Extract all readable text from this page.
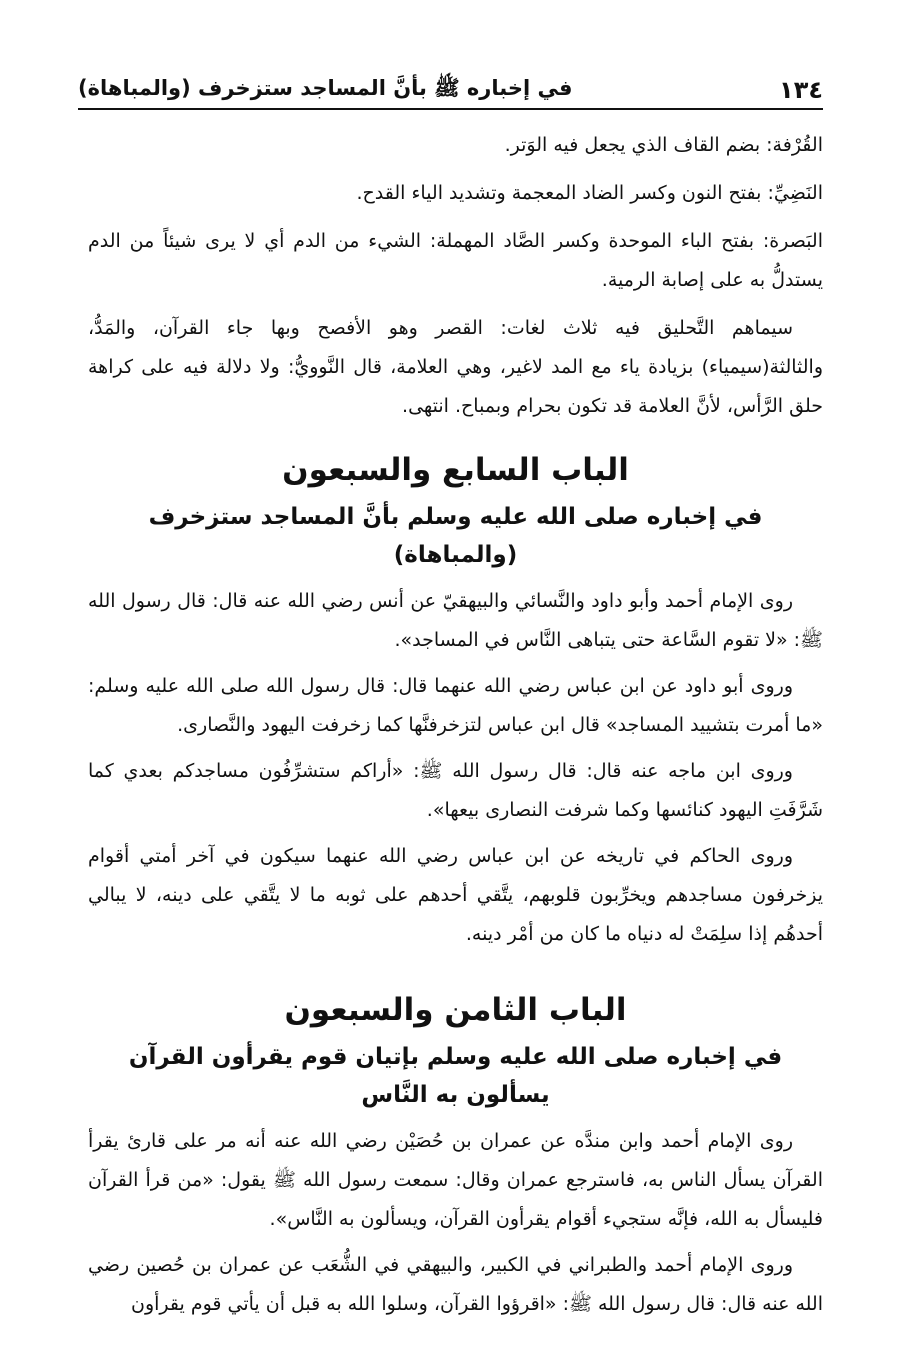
١٣٤
في إخباره ﷺ بأنَّ المساجد ستزخرف (والمباهاة)

القُرْفة: بضم القاف الذي يجعل فيه الوَتر.

النَضِيِّ: بفتح النون وكسر الضاد المعجمة وتشديد الياء القدح.

البَصرة: بفتح الباء الموحدة وكسر الصَّاد المهملة: الشيء من الدم أي لا يرى شيئاً من الدم يستدلُّ به على إصابة الرمية.

سيماهم التَّحليق فيه ثلاث لغات: القصر وهو الأفصح وبها جاء القرآن، والمَدُّ، والثالثة(سيمياء) بزيادة ياء مع المد لاغير، وهي العلامة، قال النَّوويُّ: ولا دلالة فيه على كراهة حلق الرَّأس، لأنَّ العلامة قد تكون بحرام وبمباح. انتهى.

الباب السابع والسبعون
في إخباره صلى الله عليه وسلم بأنَّ المساجد ستزخرف (والمباهاة)

روى الإمام أحمد وأبو داود والنَّسائي والبيهقيّ عن أنس رضي الله عنه قال: قال رسول الله ﷺ: «لا تقوم السَّاعة حتى يتباهى النَّاس في المساجد».

وروى أبو داود عن ابن عباس رضي الله عنهما قال: قال رسول الله صلى الله عليه وسلم: «ما أمرت بتشييد المساجد» قال ابن عباس لتزخرفنَّها كما زخرفت اليهود والنَّصارى.

وروى ابن ماجه عنه قال: قال رسول الله ﷺ: «أراكم ستشرِّفُون مساجدكم بعدي كما شَرَّفَتِ اليهود كنائسها وكما شرفت النصارى بيعها».

وروى الحاكم في تاريخه عن ابن عباس رضي الله عنهما سيكون في آخر أمتي أقوام يزخرفون مساجدهم ويخرِّبون قلوبهم، يتَّقي أحدهم على ثوبه ما لا يتَّقي على دينه، لا يبالي أحدهُم إذا سلِمَتْ له دنياه ما كان من أمْر دينه.

الباب الثامن والسبعون
في إخباره صلى الله عليه وسلم بإتيان قوم يقرأون القرآن يسألون به النَّاس

روى الإمام أحمد وابن مندَّه عن عمران بن حُصَيْن رضي الله عنه أنه مر على قارئ يقرأ القرآن يسأل الناس به، فاسترجع عمران وقال: سمعت رسول الله ﷺ يقول: «من قرأ القرآن فليسأل به الله، فإنَّه ستجيء أقوام يقرأون القرآن، ويسألون به النَّاس».

وروى الإمام أحمد والطبراني في الكبير، والبيهقي في الشُّعَب عن عمران بن حُصين رضي الله عنه قال: قال رسول الله ﷺ: «اقرؤوا القرآن، وسلوا الله به قبل أن يأتي قوم يقرأون
